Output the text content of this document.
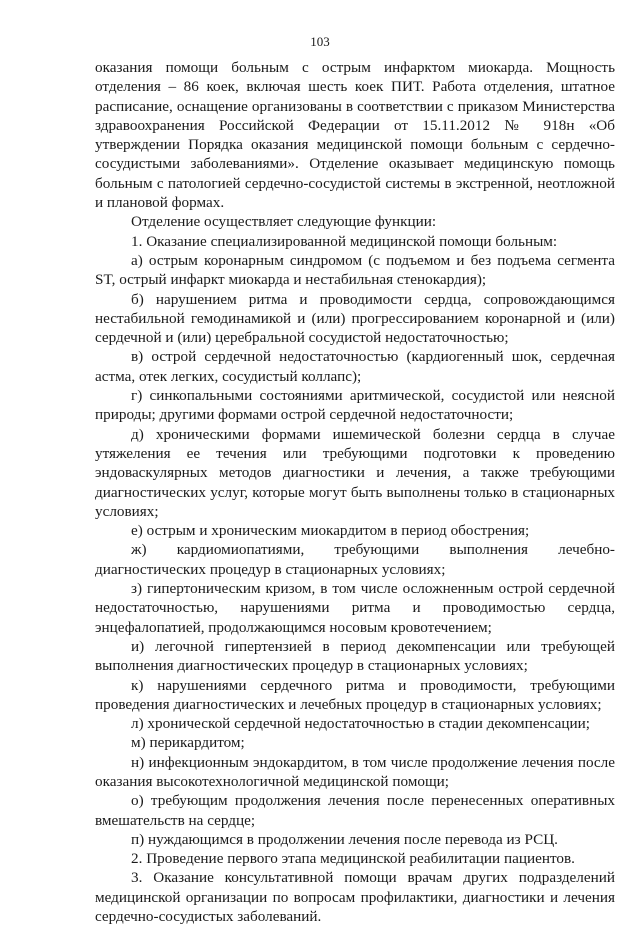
103

оказания помощи больным с острым инфарктом миокарда. Мощность отделения – 86 коек, включая шесть коек ПИТ. Работа отделения, штатное расписание, оснащение организованы в соответствии с приказом Министерства здравоохранения Российской Федерации от 15.11.2012 № 918н «Об утверждении Порядка оказания медицинской помощи больным с сердечно-сосудистыми заболеваниями». Отделение оказывает медицинскую помощь больным с патологией сердечно-сосудистой системы в экстренной, неотложной и плановой формах.

Отделение осуществляет следующие функции:

1. Оказание специализированной медицинской помощи больным:

а) острым коронарным синдромом (с подъемом и без подъема сегмента ST, острый инфаркт миокарда и нестабильная стенокардия);

б) нарушением ритма и проводимости сердца, сопровождающимся нестабильной гемодинамикой и (или) прогрессированием коронарной и (или) сердечной и (или) церебральной сосудистой недостаточностью;

в) острой сердечной недостаточностью (кардиогенный шок, сердечная астма, отек легких, сосудистый коллапс);

г) синкопальными состояниями аритмической, сосудистой или неясной природы; другими формами острой сердечной недостаточности;

д) хроническими формами ишемической болезни сердца в случае утяжеления ее течения или требующими подготовки к проведению эндоваскулярных методов диагностики и лечения, а также требующими диагностических услуг, которые могут быть выполнены только в стационарных условиях;

е) острым и хроническим миокардитом в период обострения;

ж) кардиомиопатиями, требующими выполнения лечебно-диагностических процедур в стационарных условиях;

з) гипертоническим кризом, в том числе осложненным острой сердечной недостаточностью, нарушениями ритма и проводимостью сердца, энцефалопатией, продолжающимся носовым кровотечением;

и) легочной гипертензией в период декомпенсации или требующей выполнения диагностических процедур в стационарных условиях;

к) нарушениями сердечного ритма и проводимости, требующими проведения диагностических и лечебных процедур в стационарных условиях;

л) хронической сердечной недостаточностью в стадии декомпенсации;

м) перикардитом;

н) инфекционным эндокардитом, в том числе продолжение лечения после оказания высокотехнологичной медицинской помощи;

о) требующим продолжения лечения после перенесенных оперативных вмешательств на сердце;

п) нуждающимся в продолжении лечения после перевода из РСЦ.

2. Проведение первого этапа медицинской реабилитации пациентов.

3. Оказание консультативной помощи врачам других подразделений медицинской организации по вопросам профилактики, диагностики и лечения сердечно-сосудистых заболеваний.
